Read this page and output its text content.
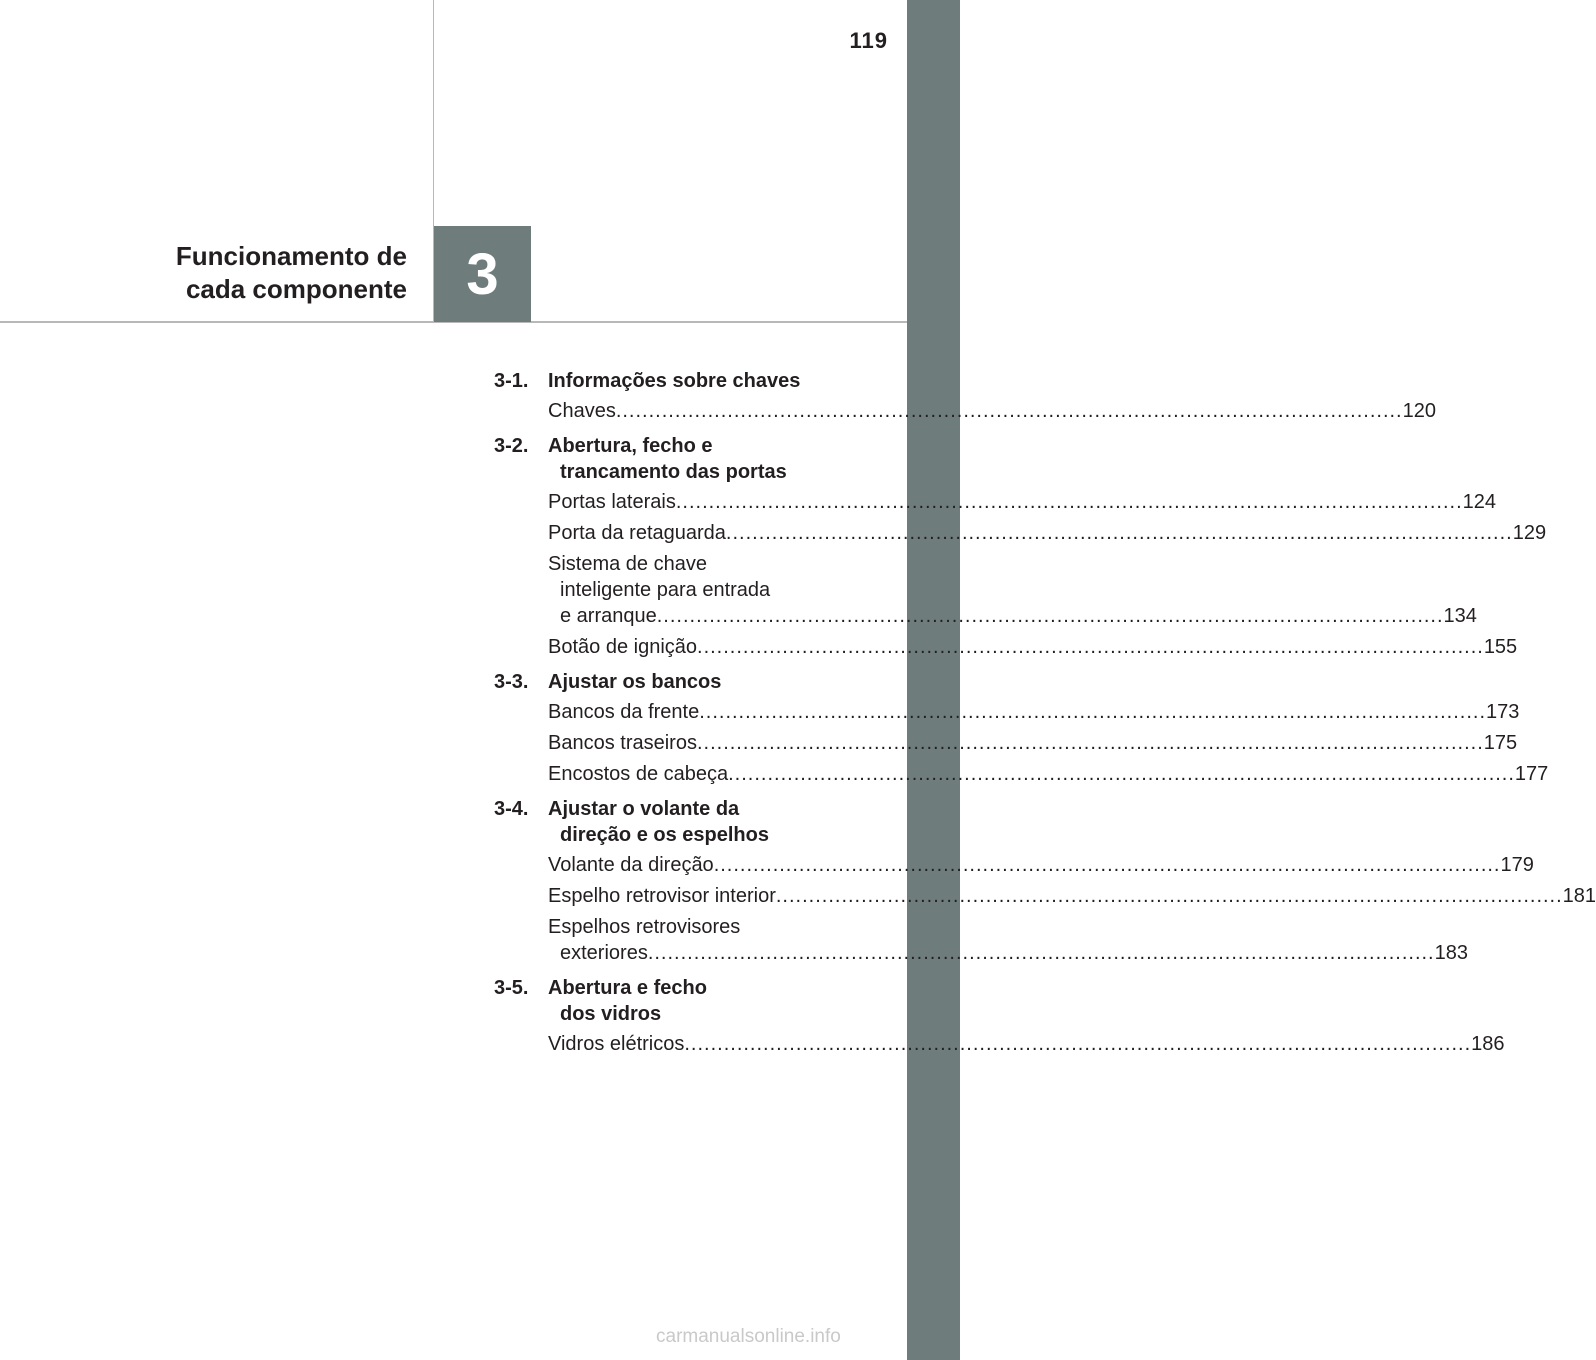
119
Funcionamento de
cada componente	3
3-1. Informações sobre chaves
Chaves .....	120
3-2. Abertura, fecho e
trancamento das portas
Portas laterais .....	124
Porta da retaguarda .....	129
Sistema de chave
inteligente para entrada
e arranque .....	134
Botão de ignição .....	155
3-3. Ajustar os bancos
Bancos da frente .....	173
Bancos traseiros .....	175
Encostos de cabeça .....	177
3-4. Ajustar o volante da
direção e os espelhos
Volante da direção .....	179
Espelho retrovisor interior .....	181
Espelhos retrovisores
exteriores .....	183
3-5. Abertura e fecho
dos vidros
Vidros elétricos .....	186
carmanualsonline.info
